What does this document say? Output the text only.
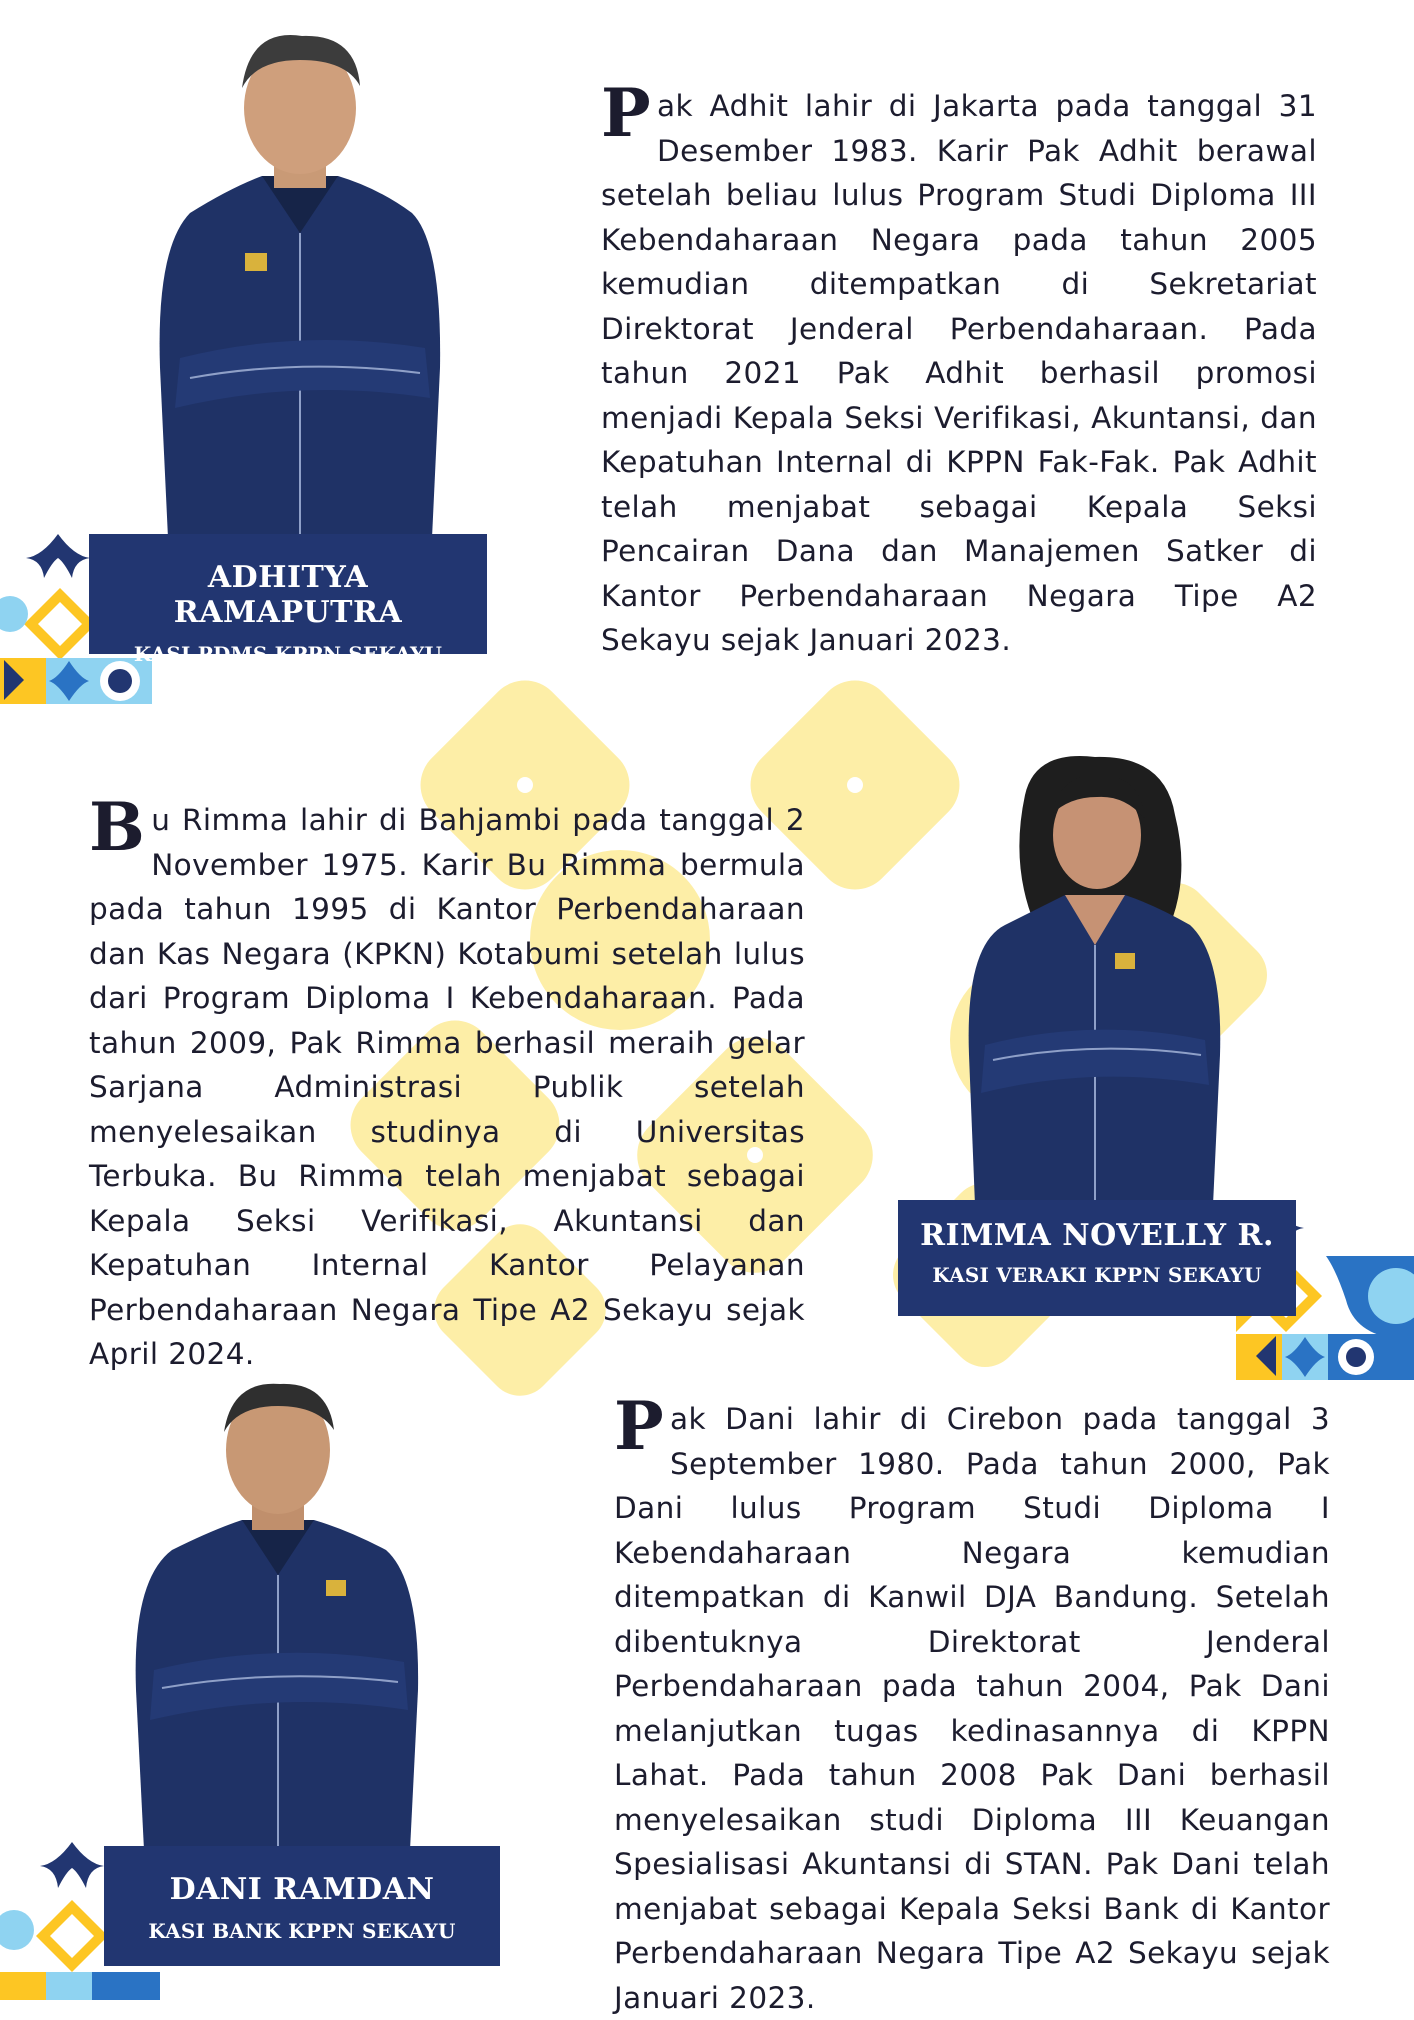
ADHITYA RAMAPUTRA
KASI PDMS KPPN SEKAYU

Pak Adhit lahir di Jakarta pada tanggal 31 Desember 1983. Karir Pak Adhit berawal setelah beliau lulus Program Studi Diploma III Kebendaharaan Negara pada tahun 2005 kemudian ditempatkan di Sekretariat Direktorat Jenderal Perbendaharaan. Pada tahun 2021 Pak Adhit berhasil promosi menjadi Kepala Seksi Verifikasi, Akuntansi, dan Kepatuhan Internal di KPPN Fak-Fak. Pak Adhit telah menjabat sebagai Kepala Seksi Pencairan Dana dan Manajemen Satker di Kantor Perbendaharaan Negara Tipe A2 Sekayu sejak Januari 2023.

Bu Rimma lahir di Bahjambi pada tanggal 2 November 1975. Karir Bu Rimma bermula pada tahun 1995 di Kantor Perbendaharaan dan Kas Negara (KPKN) Kotabumi setelah lulus dari Program Diploma I Kebendaharaan. Pada tahun 2009, Pak Rimma berhasil meraih gelar Sarjana Administrasi Publik setelah menyelesaikan studinya di Universitas Terbuka. Bu Rimma telah menjabat sebagai Kepala Seksi Verifikasi, Akuntansi dan Kepatuhan Internal Kantor Pelayanan Perbendaharaan Negara Tipe A2 Sekayu sejak April 2024.

RIMMA NOVELLY R.
KASI VERAKI KPPN SEKAYU
DANI RAMDAN
KASI BANK KPPN SEKAYU

Pak Dani lahir di Cirebon pada tanggal 3 September 1980. Pada tahun 2000, Pak Dani lulus Program Studi Diploma I Kebendaharaan Negara kemudian ditempatkan di Kanwil DJA Bandung. Setelah dibentuknya Direktorat Jenderal Perbendaharaan pada tahun 2004, Pak Dani melanjutkan tugas kedinasannya di KPPN Lahat. Pada tahun 2008 Pak Dani berhasil menyelesaikan studi Diploma III Keuangan Spesialisasi Akuntansi di STAN. Pak Dani telah menjabat sebagai Kepala Seksi Bank di Kantor Perbendaharaan Negara Tipe A2 Sekayu sejak Januari 2023.
